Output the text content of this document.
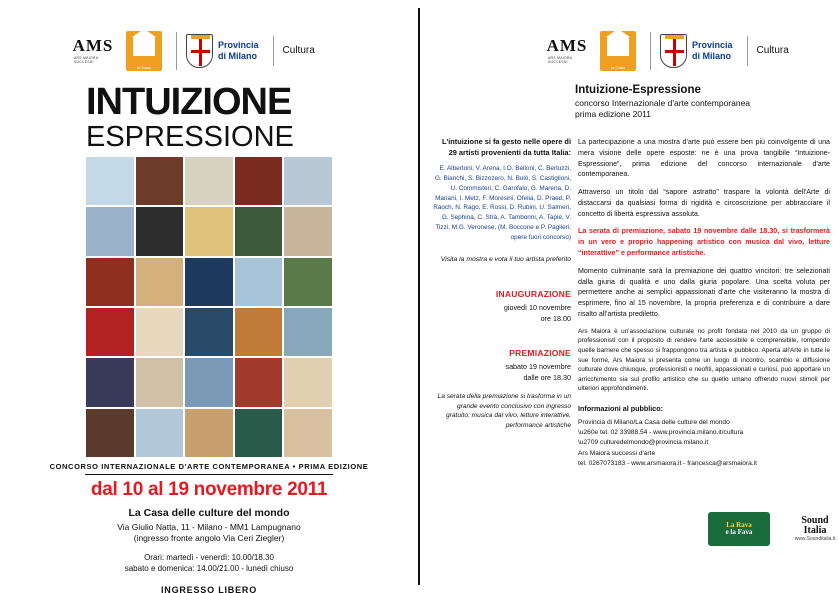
AMS
ARS MAIORA SUCCESSI
la Casa
Provincia
di Milano	Cultura
INTUIZIONE
ESPRESSIONE
CONCORSO INTERNAZIONALE D'ARTE CONTEMPORANEA • PRIMA EDIZIONE
dal 10 al 19 novembre 2011
La Casa delle culture del mondo
Via Giulio Natta, 11 - Milano - MM1 Lampugnano
(ingresso fronte angolo Via Ceri Ziegler)
Orari: martedì - venerdì: 10.00/18.30
sabato e domenica: 14.00/21.00 - lunedì chiuso
INGRESSO LIBERO
AMS
ARS MAIORA SUCCESSI
la Casa
Provincia
di Milano	Cultura
Intuizione-Espressione
concorso Internazionale d'arte contemporanea
prima edizione 2011
L'intuizione si fa gesto nelle opere di 29 artisti provenienti da tutta Italia:
E. Albertoni, V. Arena, I.O. Belloni, C. Bertuzzi, G. Bianchi, S. Bizzozero, N. Bulò, S. Castiglioni, U. Commisteri, C. Garofalo, G. Marena, D. Mariani, I. Metz, F. Moresini, Ofelia, D. Praed, P. Raoch, N. Rago, E. Rossi, D. Rubini, U. Salmeri, G. Sephina, C. Strà, A. Tamborini, A. Tapie, V. Tizzi, M.G. Veronese, (M. Boccone e P. Paglieri: opere fuori concorso)
Visita la mostra e vota il tuo artista preferito
INAUGURAZIONE
giovedì 10 novembre
ore 18.00
PREMIAZIONE
sabato 19 novembre
dalle ore 18.30
La serata della premiazione si trasforma in un grande evento conclusivo con ingresso gratuito: musica dal vivo, letture interattive, performance artistiche

La partecipazione a una mostra d'arte può essere ben più coinvolgente di una mera visione delle opere esposte: ne è una prova tangibile “Intuizione-Espressione”, prima edizione del concorso internazionale d'arte contemporanea.

Attraverso un titolo dal “sapore astratto” traspare la volontà dell'Arte di distaccarsi da qualsiasi forma di rigidità e circoscrizione per abbracciare il concetto di libertà espressiva assoluta.

La serata di premiazione, sabato 19 novembre dalle 18.30, si trasformerà in un vero e proprio happening artistico con musica dal vivo, letture “interattive” e performance artistiche.

Momento culminante sarà la premiazione dei quattro vincitori: tre selezionati dalla giuria di qualità e uno dalla giuria popolare. Una scelta voluta per permettere anche ai semplici appassionati d'arte che visiteranno la mostra di esprimere, fino al 15 novembre, la propria preferenza e di contribuire a dare risalto all'artista prediletto.

Ars Maiora è un'associazione culturale no profit fondata nel 2010 da un gruppo di professionisti con il proposito di rendere l'arte accessibile e comprensibile, rompendo quelle barriere che spesso si frappongono tra artista e pubblico. Aperta all'Arte in tutte le sue forme, Ars Maiora si presenta come un luogo di incontro, scambio e diffusione culturale dove chiunque, professionisti e neofiti, appassionati e curiosi, può apportare un arricchimento sia sul profilo artistico che su quello umano offrendo nuovi stimoli per ulteriori approfondimenti.

Informazioni al pubblico:
Provincia di Milano/La Casa delle culture del mondo
\u260e tel. 02 33988.54 - www.provincia.milano.it/cultura
\u2709 culturedelmondo@provincia.milano.it
Ars Maiora successi d'arte
tel. 0267073183 - www.arsmaiora.it - francesca@arsmaiora.it
La Rava
e la Fava
Sound
Italia
www.Sounditalia.it
